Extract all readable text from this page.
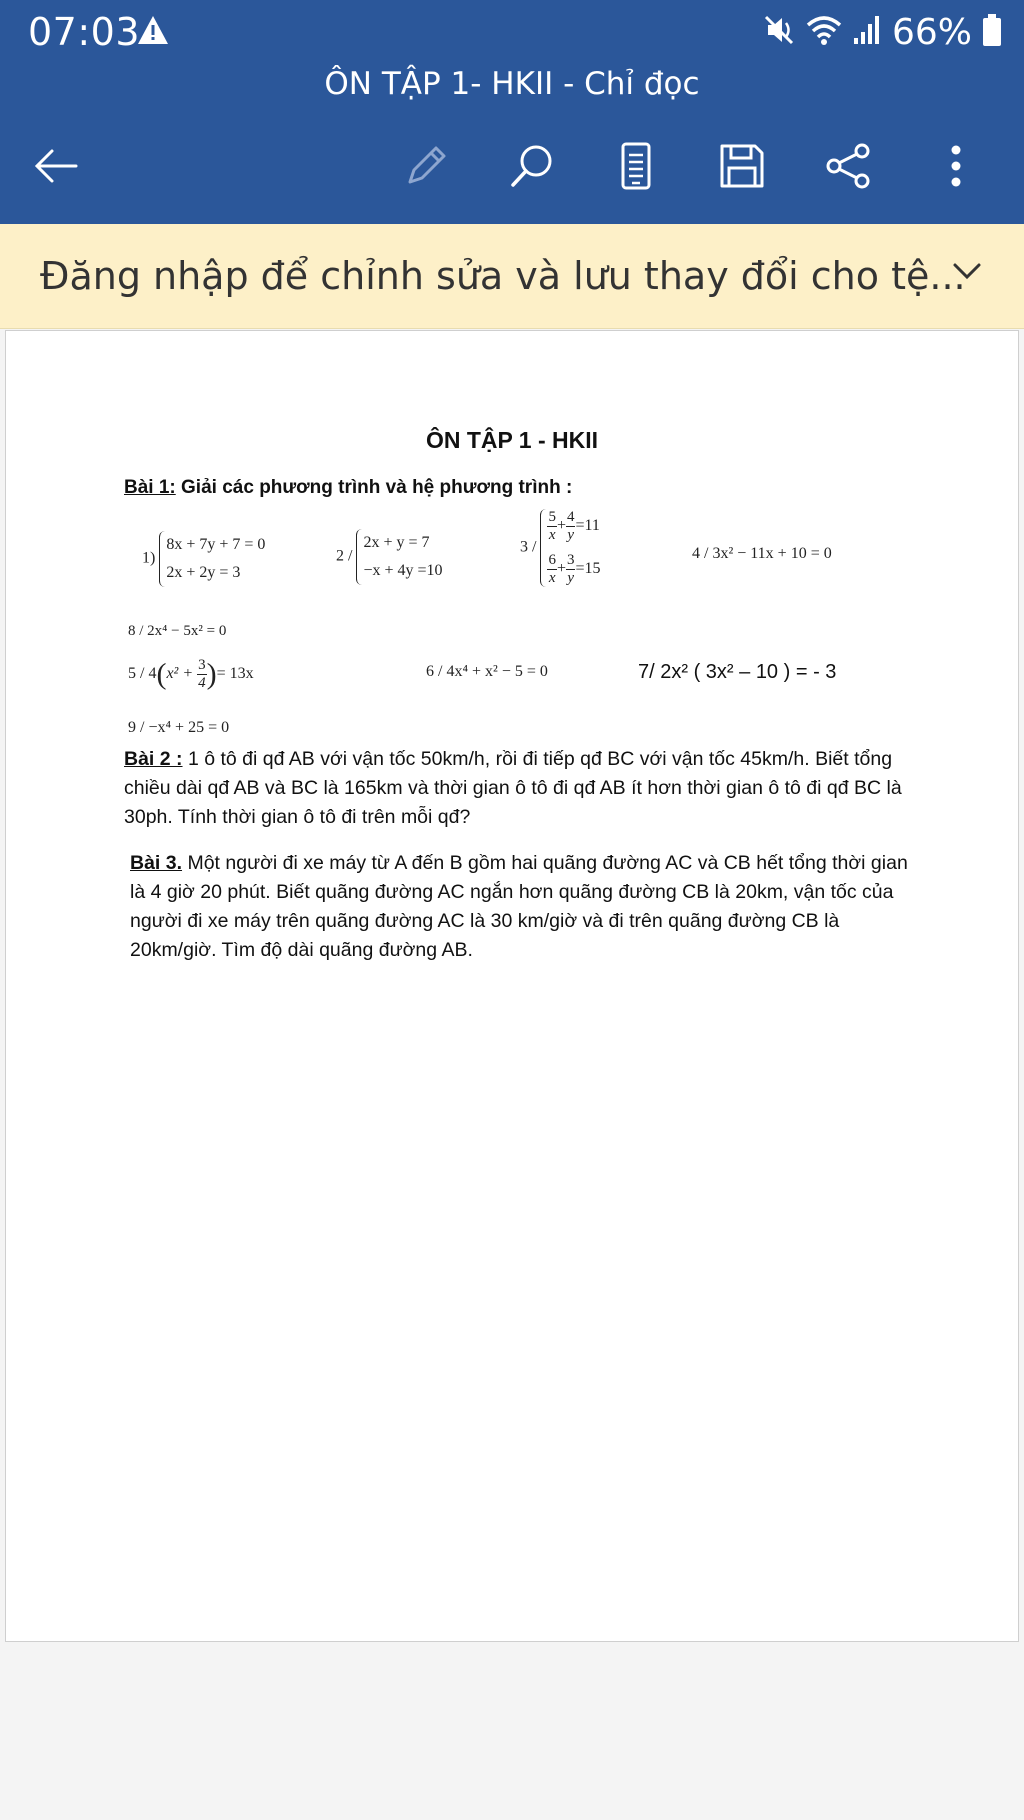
07:03	66%
ÔN TẬP 1- HKII - Chỉ đọc
Đăng nhập để chỉnh sửa và lưu thay đổi cho tệ...
ÔN TẬP 1 - HKII
Bài 1: Giải các phương trình và hệ phương trình :
1)
8x + 7y + 7 = 0
2x + 2y = 3
2 /
2x + y = 7
−x + 4y =10
3 /
$\frac{5}{x} + \frac{4}{y} =11$
$\frac{6}{x} + \frac{3}{y} =15$
4 / 3x² − 11x + 10 = 0
8 / 2x⁴ − 5x² = 0
$5 / 4(x^2 + \frac{3}{4}$ )= 13x	6 / 4x⁴ + x² − 5 = 0	7/ 2x² ( 3x² – 10 ) = - 3
9 / −x⁴ + 25 = 0
Bài 2 : 1 ô tô đi qđ AB với vận tốc 50km/h, rồi đi tiếp qđ BC với vận tốc 45km/h. Biết tổng chiều dài qđ AB và BC là 165km và thời gian ô tô đi qđ AB ít hơn thời gian ô tô đi qđ BC là 30ph. Tính thời gian ô tô đi trên mỗi qđ?
Bài 3. Một người đi xe máy từ A đến B gồm hai quãng đường AC và CB hết tổng thời gian là 4 giờ 20 phút. Biết quãng đường AC ngắn hơn quãng đường CB là 20km, vận tốc của người đi xe máy trên quãng đường AC là 30 km/giờ và đi trên quãng đường CB là 20km/giờ. Tìm độ dài quãng đường AB.
